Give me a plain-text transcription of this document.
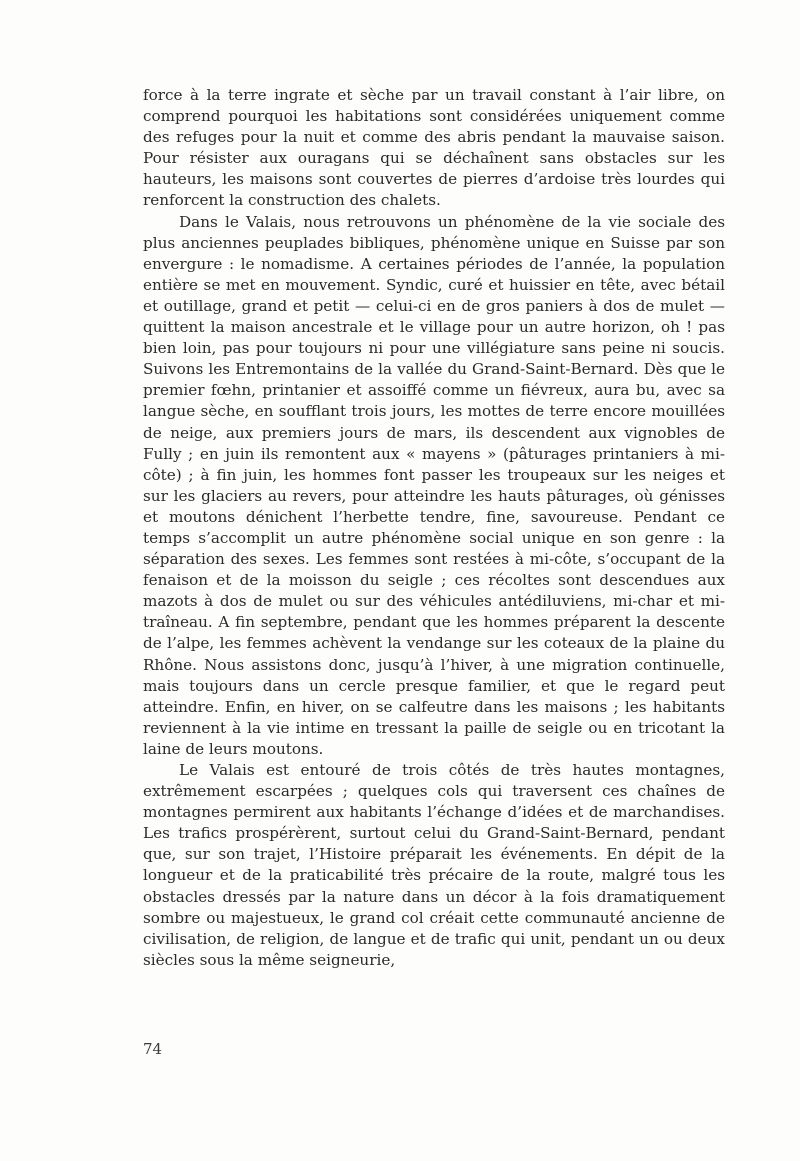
force à la terre ingrate et sèche par un travail constant à l’air libre, on comprend pourquoi les habitations sont considérées uniquement comme des refuges pour la nuit et comme des abris pendant la mauvaise saison. Pour résister aux ouragans qui se déchaînent sans obstacles sur les hauteurs, les maisons sont couvertes de pierres d’ardoise très lourdes qui renforcent la construction des chalets.

Dans le Valais, nous retrouvons un phénomène de la vie sociale des plus anciennes peuplades bibliques, phénomène unique en Suisse par son envergure : le nomadisme. A certaines périodes de l’année, la population entière se met en mouvement. Syndic, curé et huissier en tête, avec bétail et outillage, grand et petit — celui-ci en de gros paniers à dos de mulet — quittent la maison ancestrale et le village pour un autre horizon, oh ! pas bien loin, pas pour toujours ni pour une villégiature sans peine ni soucis. Suivons les Entremontains de la vallée du Grand-Saint-Bernard. Dès que le premier fœhn, printanier et assoiffé comme un fiévreux, aura bu, avec sa langue sèche, en soufflant trois jours, les mottes de terre encore mouillées de neige, aux premiers jours de mars, ils descendent aux vignobles de Fully ; en juin ils remontent aux « mayens » (pâturages printaniers à mi-côte) ; à fin juin, les hommes font passer les troupeaux sur les neiges et sur les glaciers au revers, pour atteindre les hauts pâturages, où génisses et moutons dénichent l’herbette tendre, fine, savoureuse. Pendant ce temps s’accomplit un autre phénomène social unique en son genre : la séparation des sexes. Les femmes sont restées à mi-côte, s’occupant de la fenaison et de la moisson du seigle ; ces récoltes sont descendues aux mazots à dos de mulet ou sur des véhicules antédiluviens, mi-char et mi-traîneau. A fin septembre, pendant que les hommes préparent la descente de l’alpe, les femmes achèvent la vendange sur les coteaux de la plaine du Rhône. Nous assistons donc, jusqu’à l’hiver, à une migration continuelle, mais toujours dans un cercle presque familier, et que le regard peut atteindre. Enfin, en hiver, on se calfeutre dans les maisons ; les habitants reviennent à la vie intime en tressant la paille de seigle ou en tricotant la laine de leurs moutons.

Le Valais est entouré de trois côtés de très hautes montagnes, extrêmement escarpées ; quelques cols qui traversent ces chaînes de montagnes permirent aux habitants l’échange d’idées et de marchandises. Les trafics prospérèrent, surtout celui du Grand-Saint-Bernard, pendant que, sur son trajet, l’Histoire préparait les événements. En dépit de la longueur et de la praticabilité très précaire de la route, malgré tous les obstacles dressés par la nature dans un décor à la fois dramatiquement sombre ou majestueux, le grand col créait cette communauté ancienne de civilisation, de religion, de langue et de trafic qui unit, pendant un ou deux siècles sous la même seigneurie,

74
